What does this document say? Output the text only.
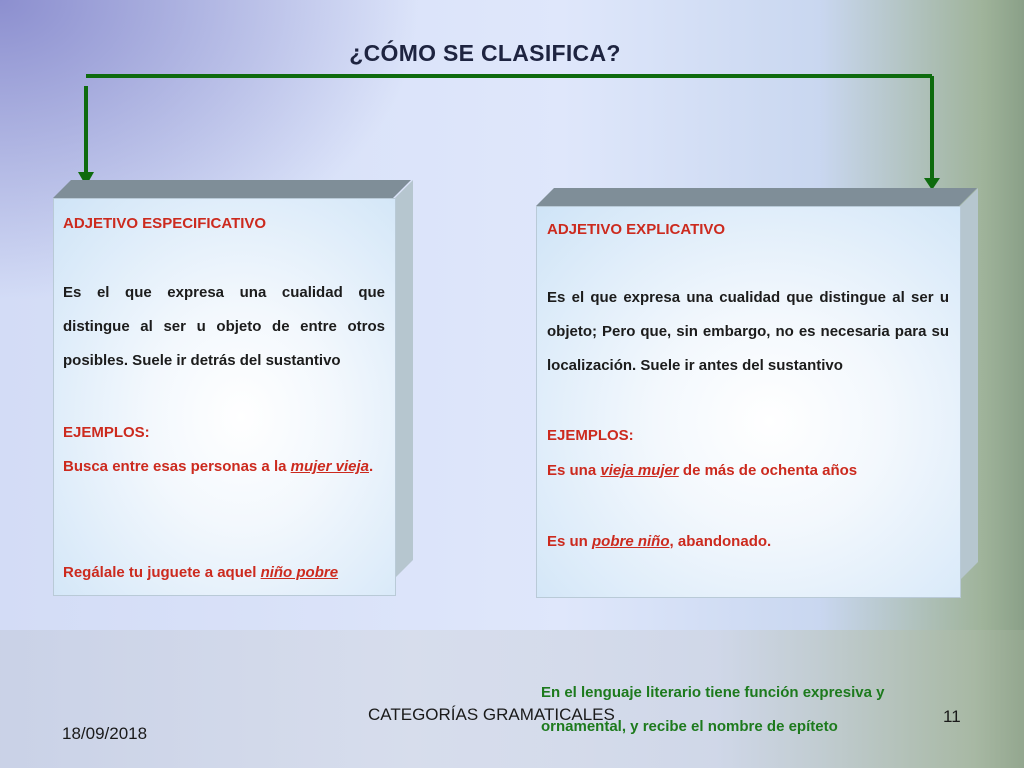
¿CÓMO SE CLASIFICA?
ADJETIVO ESPECIFICATIVO
Es el que expresa una cualidad que distingue al ser u objeto de entre otros posibles. Suele ir detrás del sustantivo
EJEMPLOS:
Busca entre esas personas a la mujer vieja.
Regálale tu juguete a aquel niño pobre
ADJETIVO EXPLICATIVO
Es el que expresa una cualidad que distingue al ser u objeto; Pero que, sin embargo, no es necesaria para su localización. Suele ir antes del sustantivo
EJEMPLOS:
Es una vieja mujer de más de ochenta años
Es un pobre niño, abandonado.
En el lenguaje literario tiene función expresiva y ornamental, y recibe el nombre de epíteto
CATEGORÍAS GRAMATICALES
18/09/2018
11
